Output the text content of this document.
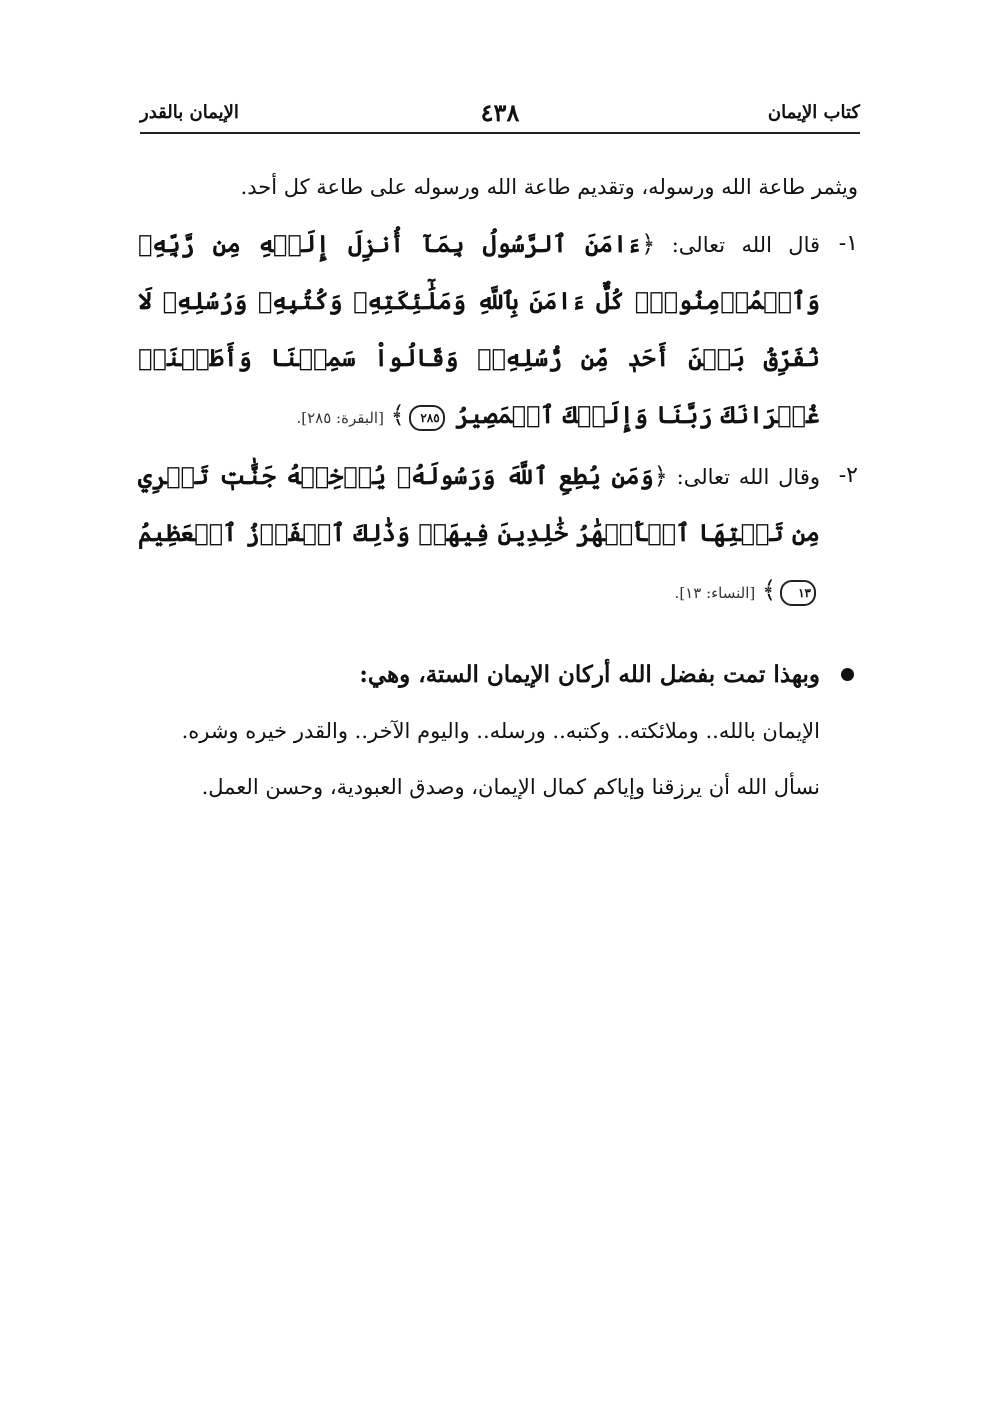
كتاب الإيمان
٤٣٨
الإيمان بالقدر

ويثمر طاعة الله ورسوله، وتقديم طاعة الله ورسوله على طاعة كل أحد.

١-
قال الله تعالى: ﴿ءَامَنَ ٱلرَّسُولُ بِمَآ أُنزِلَ إِلَيۡهِ مِن رَّبِّهِۦ وَٱلۡمُؤۡمِنُونَۚ كُلٌّ ءَامَنَ بِٱللَّهِ وَمَلَٰٓئِكَتِهِۦ وَكُتُبِهِۦ وَرُسُلِهِۦ لَا نُفَرِّقُ بَيۡنَ أَحَدٖ مِّن رُّسُلِهِۦۚ وَقَالُواْ سَمِعۡنَا وَأَطَعۡنَاۖ غُفۡرَانَكَ رَبَّنَا وَإِلَيۡكَ ٱلۡمَصِيرُ ٢٨٥﴾ [البقرة: ٢٨٥].
٢-
وقال الله تعالى: ﴿وَمَن يُطِعِ ٱللَّهَ وَرَسُولَهُۥ يُدۡخِلۡهُ جَنَّٰتٖ تَجۡرِي مِن تَحۡتِهَا ٱلۡأَنۡهَٰرُ خَٰلِدِينَ فِيهَاۚ وَذَٰلِكَ ٱلۡفَوۡزُ ٱلۡعَظِيمُ ١٣﴾ [النساء: ١٣].
وبهذا تمت بفضل الله أركان الإيمان الستة، وهي:

الإيمان بالله.. وملائكته.. وكتبه.. ورسله.. واليوم الآخر.. والقدر خيره وشره.

نسأل الله أن يرزقنا وإياكم كمال الإيمان، وصدق العبودية، وحسن العمل.
